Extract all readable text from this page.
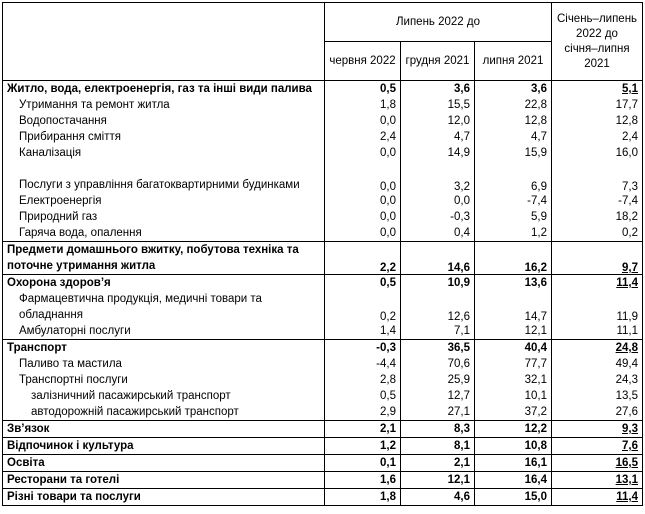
	Липень 2022 до			Січень–липень
2022 до
січня–липня
2021

	червня 2022	грудня 2021	липня 2021	
Житло, вода, електроенергія, газ та інші види палива	0,5	3,6	3,6	5,1
Утримання та ремонт житла	1,8	15,5	22,8	17,7
Водопостачання	0,0	12,0	12,8	12,8
Прибирання сміття	2,4	4,7	4,7	2,4
Каналізація	0,0	14,9	15,9	16,0
Послуги з управління багатоквартирними будинками	0,0	3,2	6,9	7,3
Електроенергія	0,0	0,0	-7,4	-7,4
Природний газ	0,0	-0,3	5,9	18,2
Гаряча вода, опалення	0,0	0,4	1,2	0,2
Предмети домашнього вжитку, побутова техніка та поточне утримання житла	2,2	14,6	16,2	9,7
Охорона здоров’я	0,5	10,9	13,6	11,4
Фармацевтична продукція, медичні товари та обладнання	0,2	12,6	14,7	11,9
Амбулаторні послуги	1,4	7,1	12,1	11,1
Транспорт	-0,3	36,5	40,4	24,8
Паливо та мастила	-4,4	70,6	77,7	49,4
Транспортні послуги	2,8	25,9	32,1	24,3
залізничний пасажирський транспорт	0,5	12,7	10,1	13,5
автодорожній пасажирський транспорт	2,9	27,1	37,2	27,6
Зв’язок	2,1	8,3	12,2	9,3
Відпочинок і культура	1,2	8,1	10,8	7,6
Освіта	0,1	2,1	16,1	16,5
Ресторани та готелі	1,6	12,1	16,4	13,1
Різні товари та послуги	1,8	4,6	15,0	11,4
